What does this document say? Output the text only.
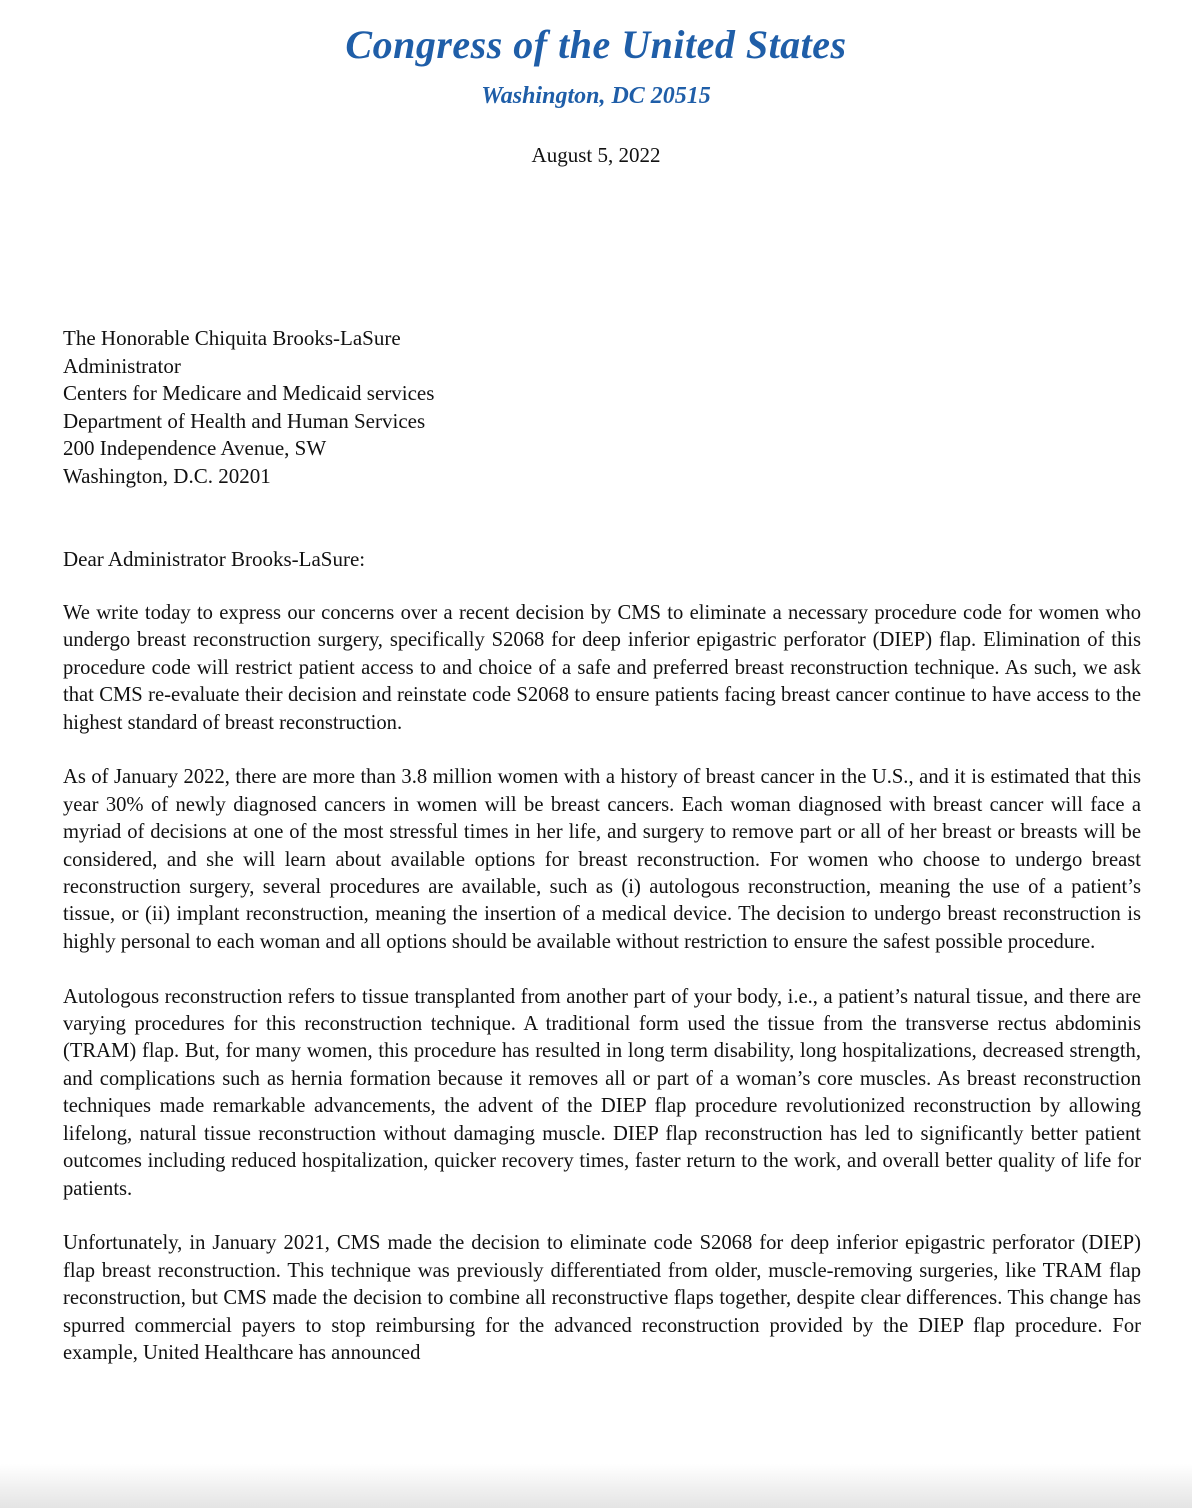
Congress of the United States
Washington, DC 20515
August 5, 2022
The Honorable Chiquita Brooks-LaSure
Administrator
Centers for Medicare and Medicaid services
Department of Health and Human Services
200 Independence Avenue, SW
Washington, D.C. 20201
Dear Administrator Brooks-LaSure:

We write today to express our concerns over a recent decision by CMS to eliminate a necessary procedure code for women who undergo breast reconstruction surgery, specifically S2068 for deep inferior epigastric perforator (DIEP) flap. Elimination of this procedure code will restrict patient access to and choice of a safe and preferred breast reconstruction technique. As such, we ask that CMS re-evaluate their decision and reinstate code S2068 to ensure patients facing breast cancer continue to have access to the highest standard of breast reconstruction.

As of January 2022, there are more than 3.8 million women with a history of breast cancer in the U.S., and it is estimated that this year 30% of newly diagnosed cancers in women will be breast cancers. Each woman diagnosed with breast cancer will face a myriad of decisions at one of the most stressful times in her life, and surgery to remove part or all of her breast or breasts will be considered, and she will learn about available options for breast reconstruction. For women who choose to undergo breast reconstruction surgery, several procedures are available, such as (i) autologous reconstruction, meaning the use of a patient’s tissue, or (ii) implant reconstruction, meaning the insertion of a medical device. The decision to undergo breast reconstruction is highly personal to each woman and all options should be available without restriction to ensure the safest possible procedure.

Autologous reconstruction refers to tissue transplanted from another part of your body, i.e., a patient’s natural tissue, and there are varying procedures for this reconstruction technique. A traditional form used the tissue from the transverse rectus abdominis (TRAM) flap. But, for many women, this procedure has resulted in long term disability, long hospitalizations, decreased strength, and complications such as hernia formation because it removes all or part of a woman’s core muscles. As breast reconstruction techniques made remarkable advancements, the advent of the DIEP flap procedure revolutionized reconstruction by allowing lifelong, natural tissue reconstruction without damaging muscle. DIEP flap reconstruction has led to significantly better patient outcomes including reduced hospitalization, quicker recovery times, faster return to the work, and overall better quality of life for patients.

Unfortunately, in January 2021, CMS made the decision to eliminate code S2068 for deep inferior epigastric perforator (DIEP) flap breast reconstruction. This technique was previously differentiated from older, muscle-removing surgeries, like TRAM flap reconstruction, but CMS made the decision to combine all reconstructive flaps together, despite clear differences. This change has spurred commercial payers to stop reimbursing for the advanced reconstruction provided by the DIEP flap procedure. For example, United Healthcare has announced
